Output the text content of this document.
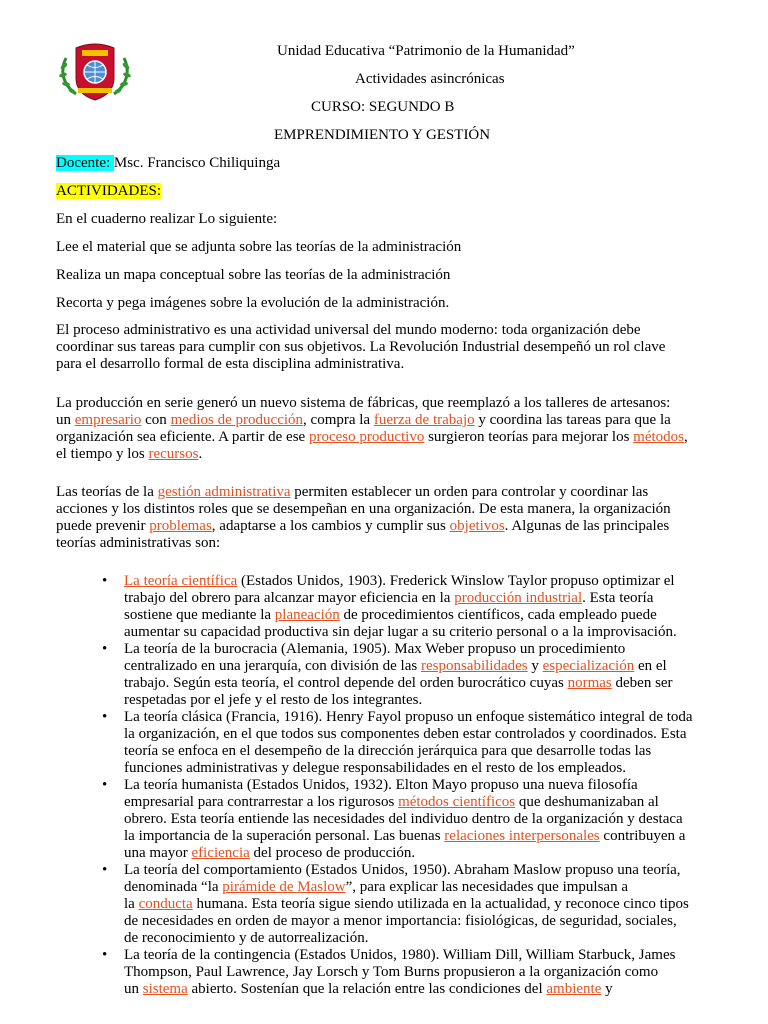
Unidad Educativa “Patrimonio de la Humanidad”
Actividades asincrónicas
CURSO: SEGUNDO B
EMPRENDIMIENTO Y GESTIÓN
Docente: Msc. Francisco Chiliquinga
ACTIVIDADES:
En el cuaderno realizar Lo siguiente:
Lee el material que se adjunta sobre las teorías de la administración
Realiza un mapa conceptual sobre las teorías de la administración
Recorta y pega imágenes sobre la evolución de la administración.
El proceso administrativo es una actividad universal del mundo moderno: toda organización debe
coordinar sus tareas para cumplir con sus objetivos. La Revolución Industrial desempeñó un rol clave
para el desarrollo formal de esta disciplina administrativa.
La producción en serie generó un nuevo sistema de fábricas, que reemplazó a los talleres de artesanos:
un empresario con medios de producción, compra la fuerza de trabajo y coordina las tareas para que la
organización sea eficiente. A partir de ese proceso productivo surgieron teorías para mejorar los métodos,
el tiempo y los recursos.
Las teorías de la gestión administrativa permiten establecer un orden para controlar y coordinar las
acciones y los distintos roles que se desempeñan en una organización. De esta manera, la organización
puede prevenir problemas, adaptarse a los cambios y cumplir sus objetivos. Algunas de las principales
teorías administrativas son:
• La teoría científica (Estados Unidos, 1903). Frederick Winslow Taylor propuso optimizar el
trabajo del obrero para alcanzar mayor eficiencia en la producción industrial. Esta teoría
sostiene que mediante la planeación de procedimientos científicos, cada empleado puede
aumentar su capacidad productiva sin dejar lugar a su criterio personal o a la improvisación.
• La teoría de la burocracia (Alemania, 1905). Max Weber propuso un procedimiento
centralizado en una jerarquía, con división de las responsabilidades y especialización en el
trabajo. Según esta teoría, el control depende del orden burocrático cuyas normas deben ser
respetadas por el jefe y el resto de los integrantes.
• La teoría clásica (Francia, 1916). Henry Fayol propuso un enfoque sistemático integral de toda
la organización, en el que todos sus componentes deben estar controlados y coordinados. Esta
teoría se enfoca en el desempeño de la dirección jerárquica para que desarrolle todas las
funciones administrativas y delegue responsabilidades en el resto de los empleados.
• La teoría humanista (Estados Unidos, 1932). Elton Mayo propuso una nueva filosofía
empresarial para contrarrestar a los rigurosos métodos científicos que deshumanizaban al
obrero. Esta teoría entiende las necesidades del individuo dentro de la organización y destaca
la importancia de la superación personal. Las buenas relaciones interpersonales contribuyen a
una mayor eficiencia del proceso de producción.
• La teoría del comportamiento (Estados Unidos, 1950). Abraham Maslow propuso una teoría,
denominada “la pirámide de Maslow”, para explicar las necesidades que impulsan a
la conducta humana. Esta teoría sigue siendo utilizada en la actualidad, y reconoce cinco tipos
de necesidades en orden de mayor a menor importancia: fisiológicas, de seguridad, sociales,
de reconocimiento y de autorrealización.
• La teoría de la contingencia (Estados Unidos, 1980). William Dill, William Starbuck, James
Thompson, Paul Lawrence, Jay Lorsch y Tom Burns propusieron a la organización como
un sistema abierto. Sostenían que la relación entre las condiciones del ambiente y
